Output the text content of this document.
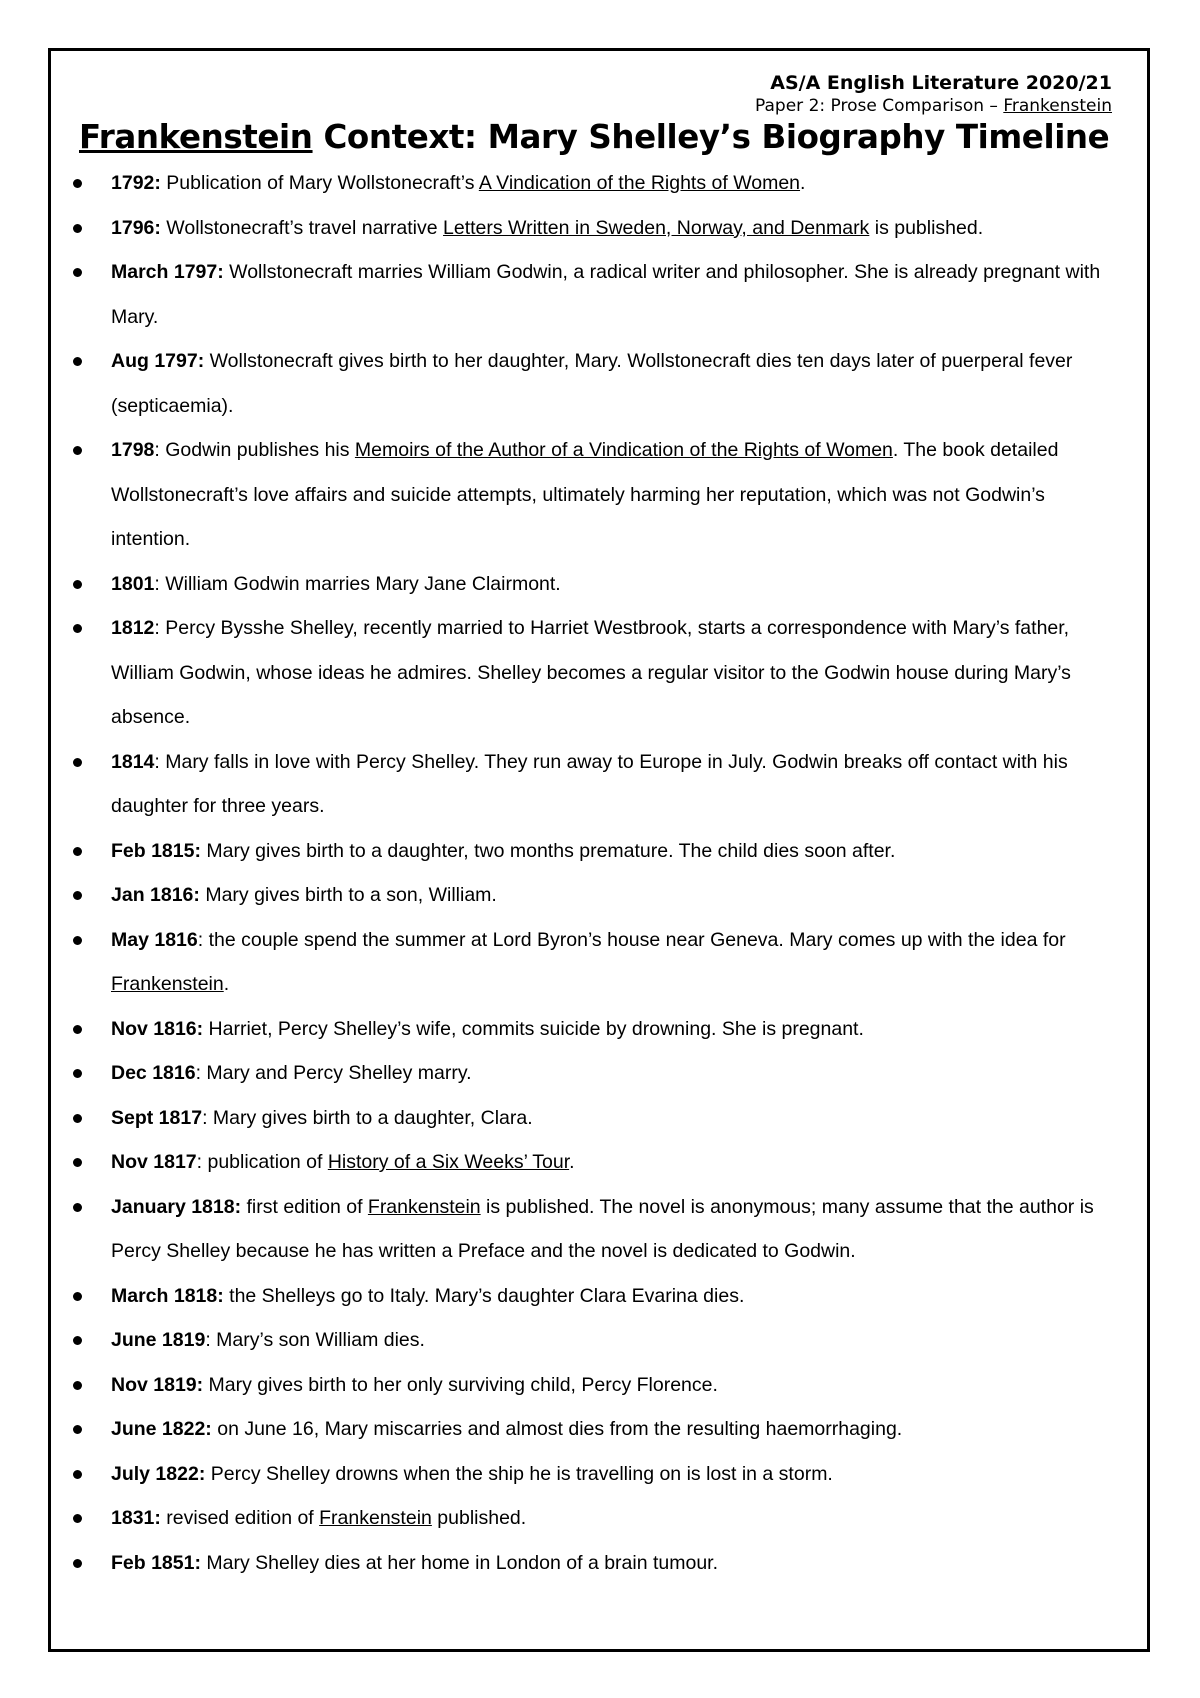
AS/A English Literature 2020/21
Paper 2: Prose Comparison – Frankenstein
Frankenstein Context: Mary Shelley’s Biography Timeline
1792: Publication of Mary Wollstonecraft’s A Vindication of the Rights of Women.
1796: Wollstonecraft’s travel narrative Letters Written in Sweden, Norway, and Denmark is published.
March 1797: Wollstonecraft marries William Godwin, a radical writer and philosopher. She is already pregnant with Mary.
Aug 1797: Wollstonecraft gives birth to her daughter, Mary. Wollstonecraft dies ten days later of puerperal fever (septicaemia).
1798: Godwin publishes his Memoirs of the Author of a Vindication of the Rights of Women. The book detailed Wollstonecraft’s love affairs and suicide attempts, ultimately harming her reputation, which was not Godwin’s intention.
1801: William Godwin marries Mary Jane Clairmont.
1812: Percy Bysshe Shelley, recently married to Harriet Westbrook, starts a correspondence with Mary’s father, William Godwin, whose ideas he admires. Shelley becomes a regular visitor to the Godwin house during Mary’s absence.
1814: Mary falls in love with Percy Shelley. They run away to Europe in July. Godwin breaks off contact with his daughter for three years.
Feb 1815: Mary gives birth to a daughter, two months premature. The child dies soon after.
Jan 1816: Mary gives birth to a son, William.
May 1816: the couple spend the summer at Lord Byron’s house near Geneva. Mary comes up with the idea for Frankenstein.
Nov 1816: Harriet, Percy Shelley’s wife, commits suicide by drowning. She is pregnant.
Dec 1816: Mary and Percy Shelley marry.
Sept 1817: Mary gives birth to a daughter, Clara.
Nov 1817: publication of History of a Six Weeks’ Tour.
January 1818: first edition of Frankenstein is published. The novel is anonymous; many assume that the author is Percy Shelley because he has written a Preface and the novel is dedicated to Godwin.
March 1818: the Shelleys go to Italy. Mary’s daughter Clara Evarina dies.
June 1819: Mary’s son William dies.
Nov 1819: Mary gives birth to her only surviving child, Percy Florence.
June 1822: on June 16, Mary miscarries and almost dies from the resulting haemorrhaging.
July 1822: Percy Shelley drowns when the ship he is travelling on is lost in a storm.
1831: revised edition of Frankenstein published.
Feb 1851: Mary Shelley dies at her home in London of a brain tumour.
